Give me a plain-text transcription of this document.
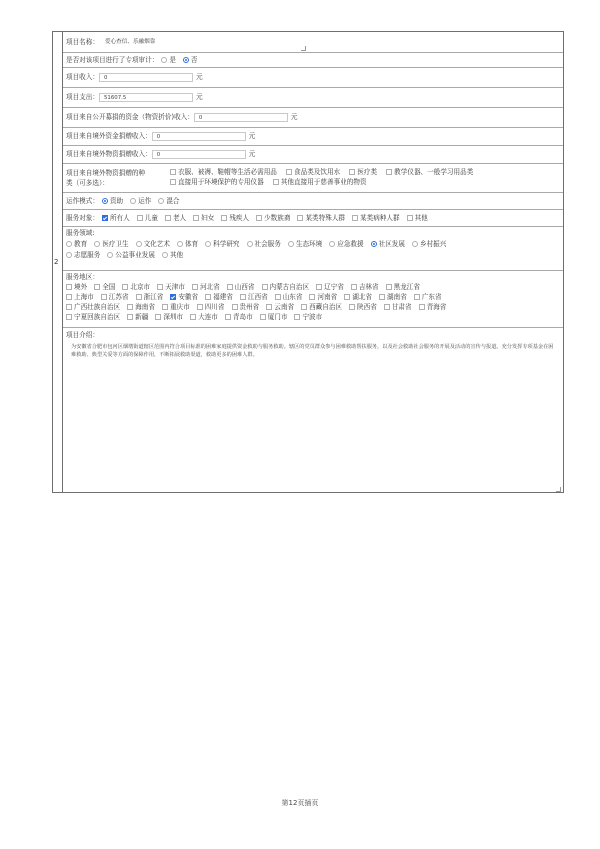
2
项目名称： 爱心查信、乐融烟靠
是否对该项目进行了专项审计：	是	否
项目收入： 0	元
项目支出： 51607.5	元
项目来自公开募捐的资金（物资折价)收入： 0	元
项目来自境外资金捐赠收入： 0	元
项目来自境外物资捐赠收入： 0	元
项目来自境外物资捐赠的种
类（可多选）：
衣服、被褥、鞋帽等生活必需用品	食品类及饮用水	医疗类	教学仪器、一般学习用品类
直接用于环境保护的专用仪器	其他直接用于慈善事业的物资
运作模式：	资助	运作	混合
服务对象：	所有人 儿童 老人 妇女 残疾人 少数族裔 某类特殊人群 某类病种人群 其他
服务领域:
教育 医疗卫生 文化艺术 体育 科学研究 社会服务 生态环境 应急救援 社区发展 乡村振兴
志愿服务 公益事业发展 其他
服务地区：
境外 全国 北京市 天津市 河北省 山西省 内蒙古自治区 辽宁省 吉林省 黑龙江省
上海市 江苏省 浙江省 安徽省 福建省 江西省 山东省 河南省 湖北省 湖南省 广东省
广西壮族自治区 海南省 重庆市 四川省 贵州省 云南省 西藏自治区 陕西省 甘肃省 青海省
宁夏回族自治区 新疆 深圳市 大连市 青岛市 厦门市 宁波市
项目介绍：
为安徽省合肥市包河区烟墩街道辖区范围内符合项目标准的困难家庭提供资金救助与服务救助。辖区的党员群众参与困难救助帮扶服务，以及社会救助社会服务的开展及活动的宣传与报道。充分发挥专项基金在困难救助、典型关爱等方面的保障作用，不断拓展救助渠道，救助更多的困难人群。
第12页插页
